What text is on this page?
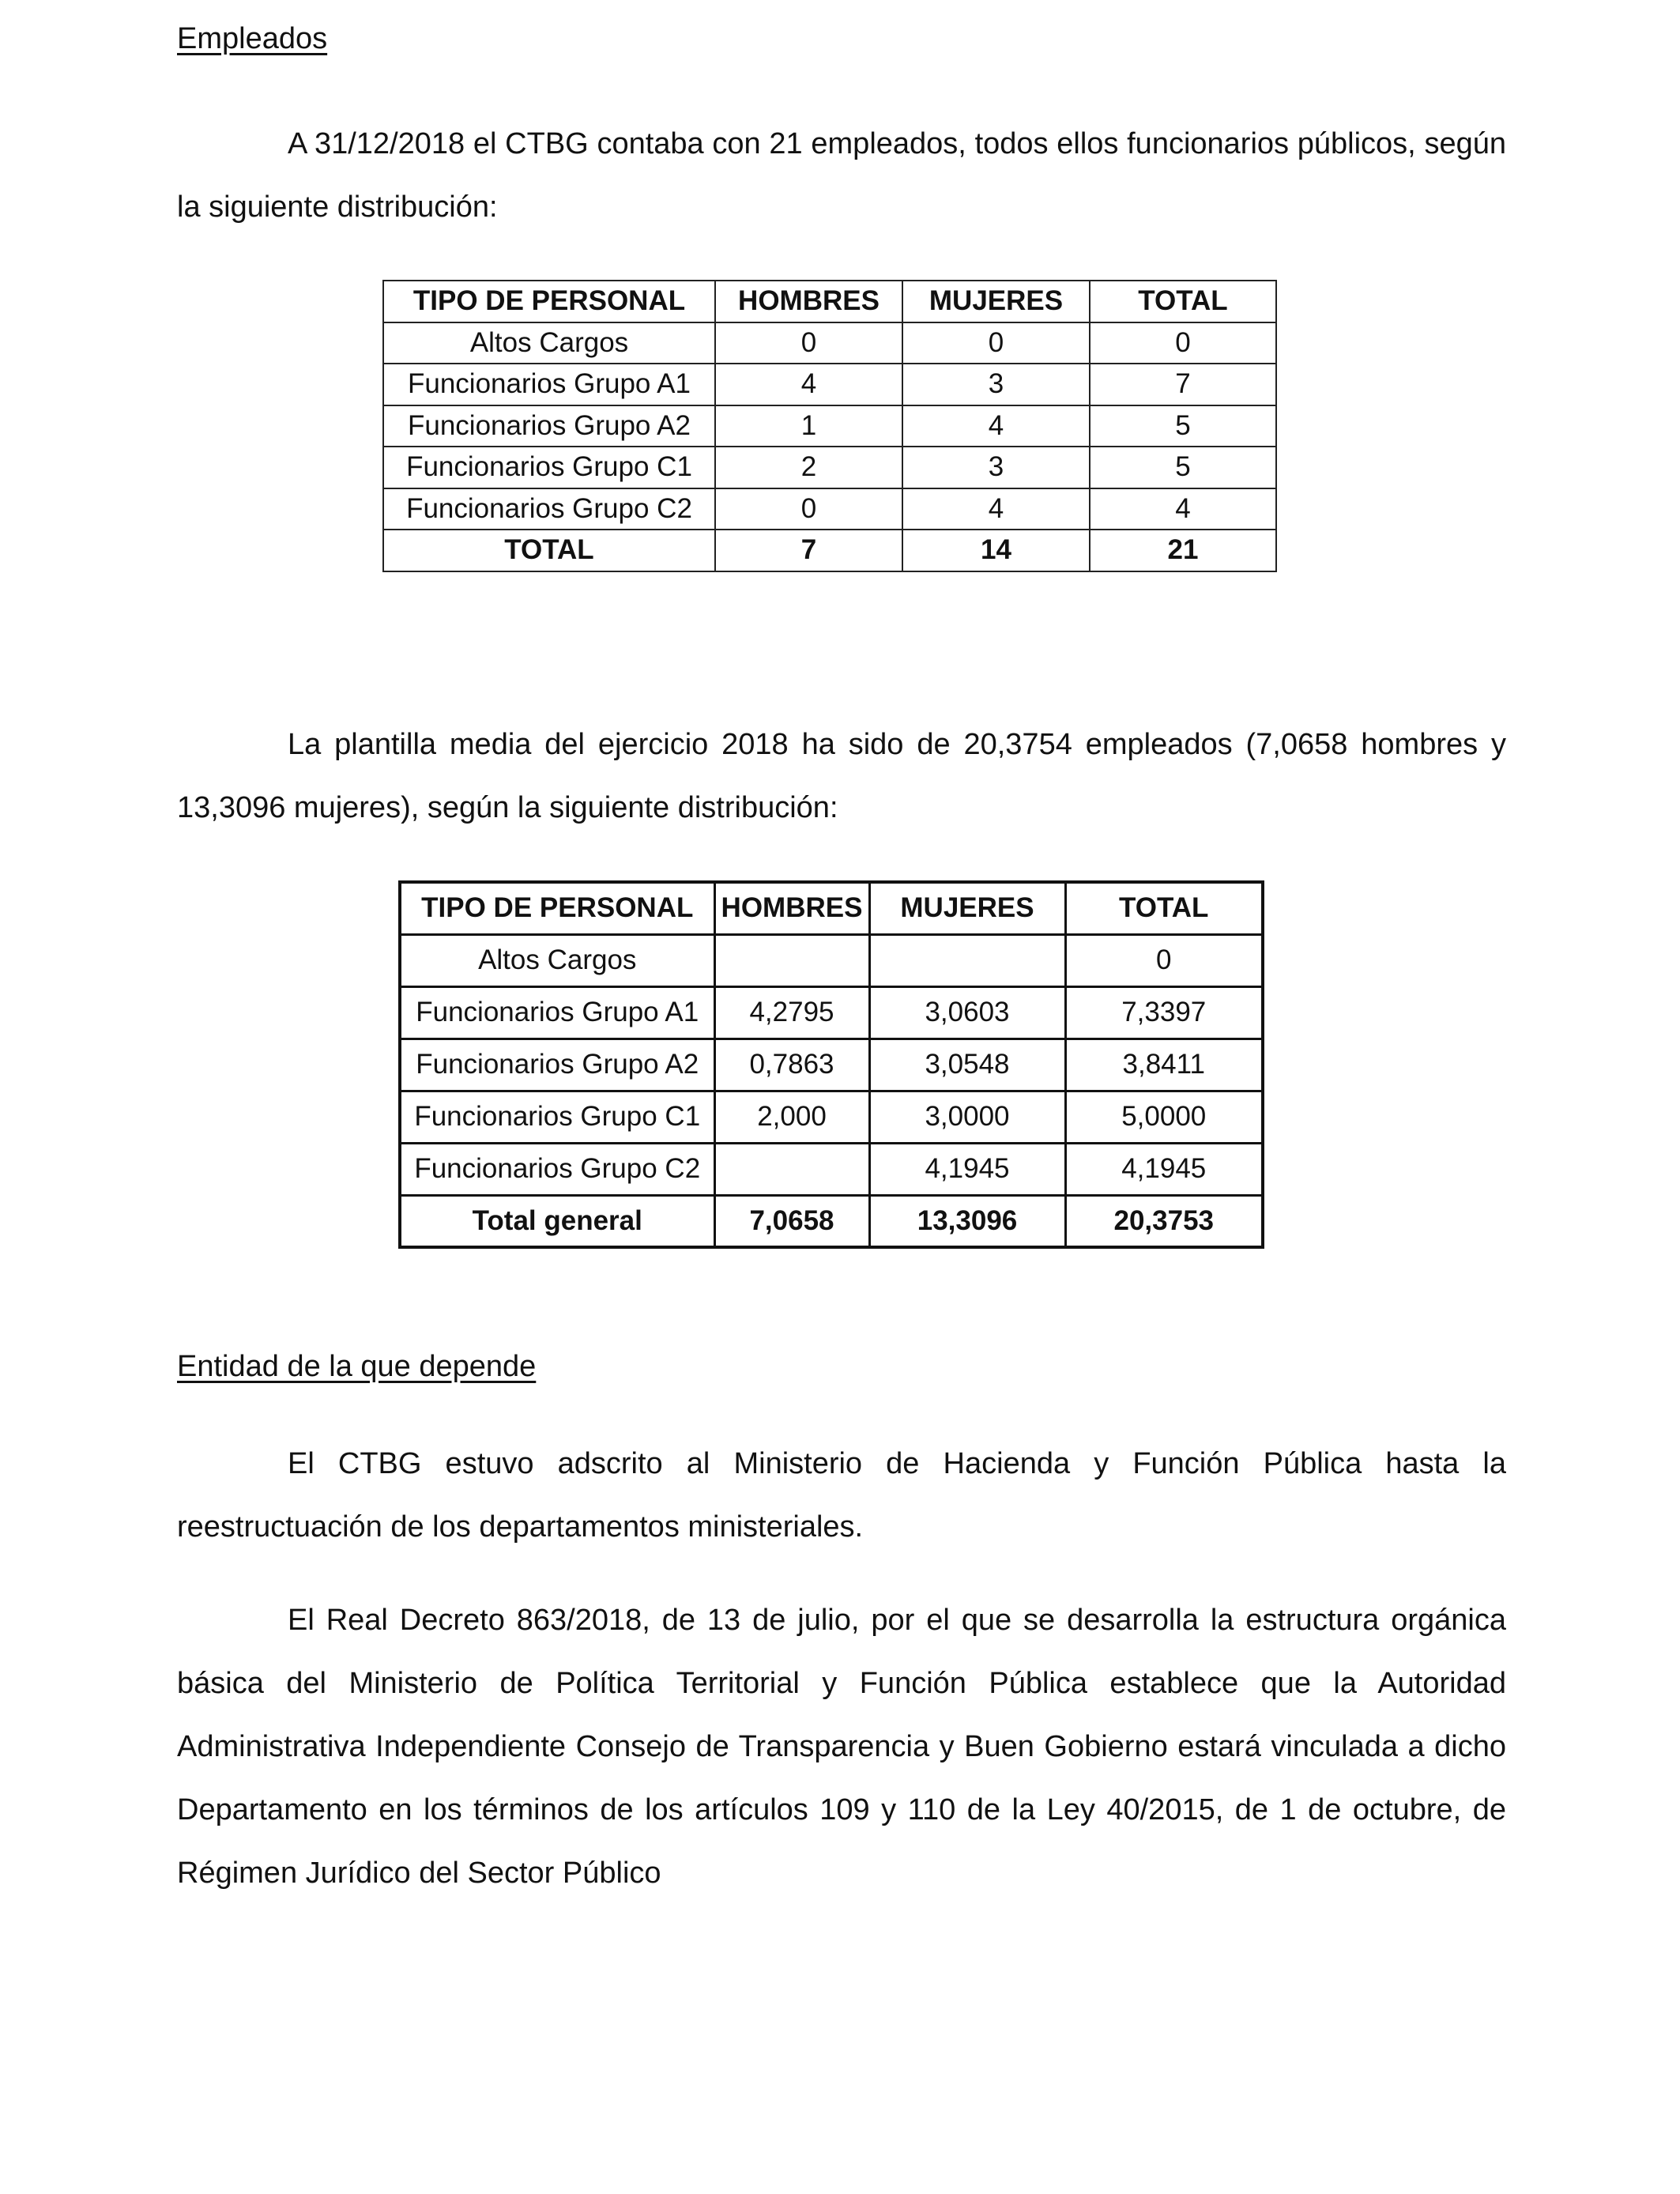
Empleados

A 31/12/2018 el CTBG contaba con 21 empleados, todos ellos funcionarios públicos, según la siguiente distribución:

TIPO DE PERSONAL	HOMBRES	MUJERES	TOTAL
Altos Cargos	0	0	0
Funcionarios Grupo A1	4	3	7
Funcionarios Grupo A2	1	4	5
Funcionarios Grupo C1	2	3	5
Funcionarios Grupo C2	0	4	4
TOTAL	7	14	21

La plantilla media del ejercicio 2018 ha sido de 20,3754 empleados (7,0658 hombres y 13,3096 mujeres), según la siguiente distribución:

TIPO DE PERSONAL	HOMBRES	MUJERES	TOTAL
Altos Cargos			0
Funcionarios Grupo A1	4,2795	3,0603	7,3397
Funcionarios Grupo A2	0,7863	3,0548	3,8411
Funcionarios Grupo C1	2,000	3,0000	5,0000
Funcionarios Grupo C2		4,1945	4,1945
Total general	7,0658	13,3096	20,3753
Entidad de la que depende

El CTBG estuvo adscrito al Ministerio de Hacienda y Función Pública hasta la reestructuación de los departamentos ministeriales.

El Real Decreto 863/2018, de 13 de julio, por el que se desarrolla la estructura orgánica básica del Ministerio de Política Territorial y Función Pública establece que la Autoridad Administrativa Independiente Consejo de Transparencia y Buen Gobierno estará vinculada a dicho Departamento en los términos de los artículos 109 y 110 de la Ley 40/2015, de 1 de octubre, de Régimen Jurídico del Sector Público
